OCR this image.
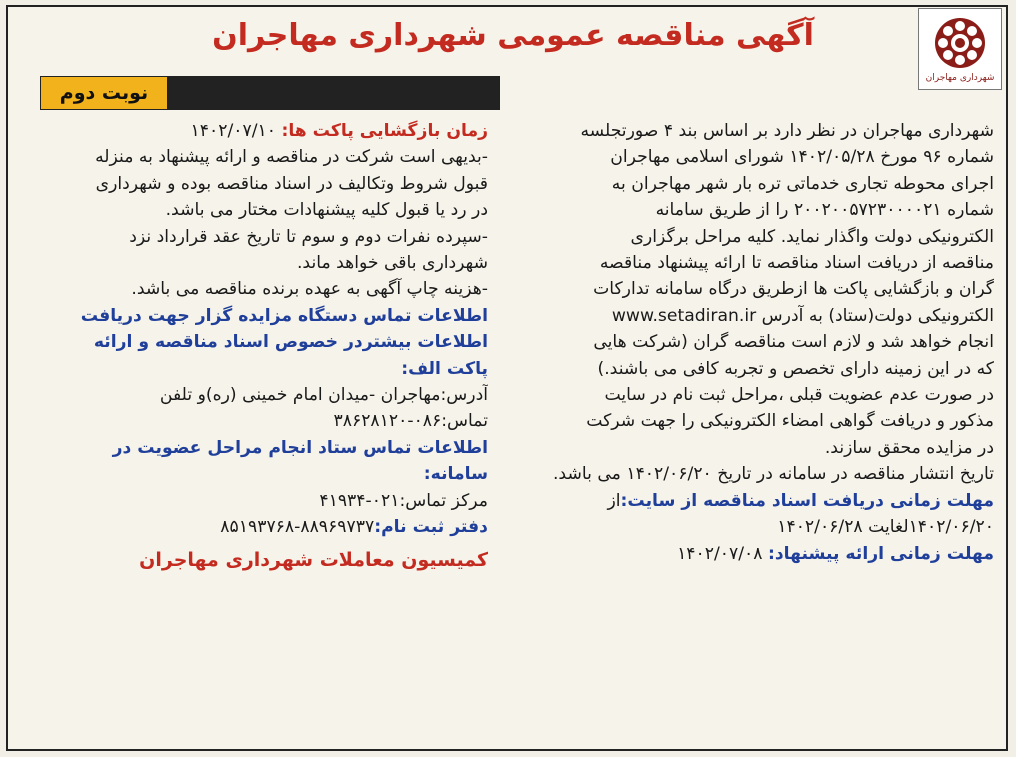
شهرداری مهاجران
آگهی مناقصه عمومی شهرداری مهاجران
نوبت دوم

شهرداری مهاجران در نظر دارد بر اساس بند ۴ صورتجلسه

شماره ۹۶ مورخ ۱۴۰۲/۰۵/۲۸ شورای اسلامی مهاجران

اجرای محوطه تجاری خدماتی تره بار شهر مهاجران به

شماره ۲۰۰۲۰۰۵۷۲۳۰۰۰۰۲۱ را از طریق سامانه

الکترونیکی دولت واگذار نماید. کلیه مراحل برگزاری

مناقصه از دریافت اسناد مناقصه تا ارائه پیشنهاد مناقصه

گران و بازگشایی پاکت ها ازطریق درگاه سامانه تدارکات

الکترونیکی دولت(ستاد) به آدرس www.setadiran.ir

انجام خواهد شد و لازم است مناقصه گران (شرکت هایی

که در این زمینه دارای تخصص و تجربه کافی می باشند.)

در صورت عدم عضویت قبلی ،مراحل ثبت نام در سایت

مذکور و دریافت گواهی امضاء الکترونیکی را جهت شرکت

در مزایده محقق سازند.

تاریخ انتشار مناقصه در سامانه در تاریخ ۱۴۰۲/۰۶/۲۰ می باشد.

مهلت زمانی دریافت اسناد مناقصه از سایت:از

۱۴۰۲/۰۶/۲۰لغایت ۱۴۰۲/۰۶/۲۸

مهلت زمانی ارائه پیشنهاد: ۱۴۰۲/۰۷/۰۸

زمان بازگشایی پاکت ها: ۱۴۰۲/۰۷/۱۰

-بدیهی است شرکت در مناقصه و ارائه پیشنهاد به منزله

قبول شروط وتکالیف در اسناد مناقصه بوده و شهرداری

در رد یا قبول کلیه پیشنهادات مختار می باشد.

-سپرده نفرات دوم و سوم تا تاریخ عقد قرارداد نزد

شهرداری باقی خواهد ماند.

-هزینه چاپ آگهی به عهده برنده مناقصه می باشد.

اطلاعات تماس دستگاه مزایده گزار جهت دریافت

اطلاعات بیشتردر خصوص اسناد مناقصه و ارائه

پاکت الف:

آدرس:مهاجران -میدان امام خمینی (ره)و تلفن

تماس:۰۸۶-۳۸۶۲۸۱۲۰

اطلاعات تماس ستاد انجام مراحل عضویت در

سامانه:

مرکز تماس:۰۲۱-۴۱۹۳۴

دفتر ثبت نام:۸۸۹۶۹۷۳۷-۸۵۱۹۳۷۶۸

کمیسیون معاملات شهرداری مهاجران
